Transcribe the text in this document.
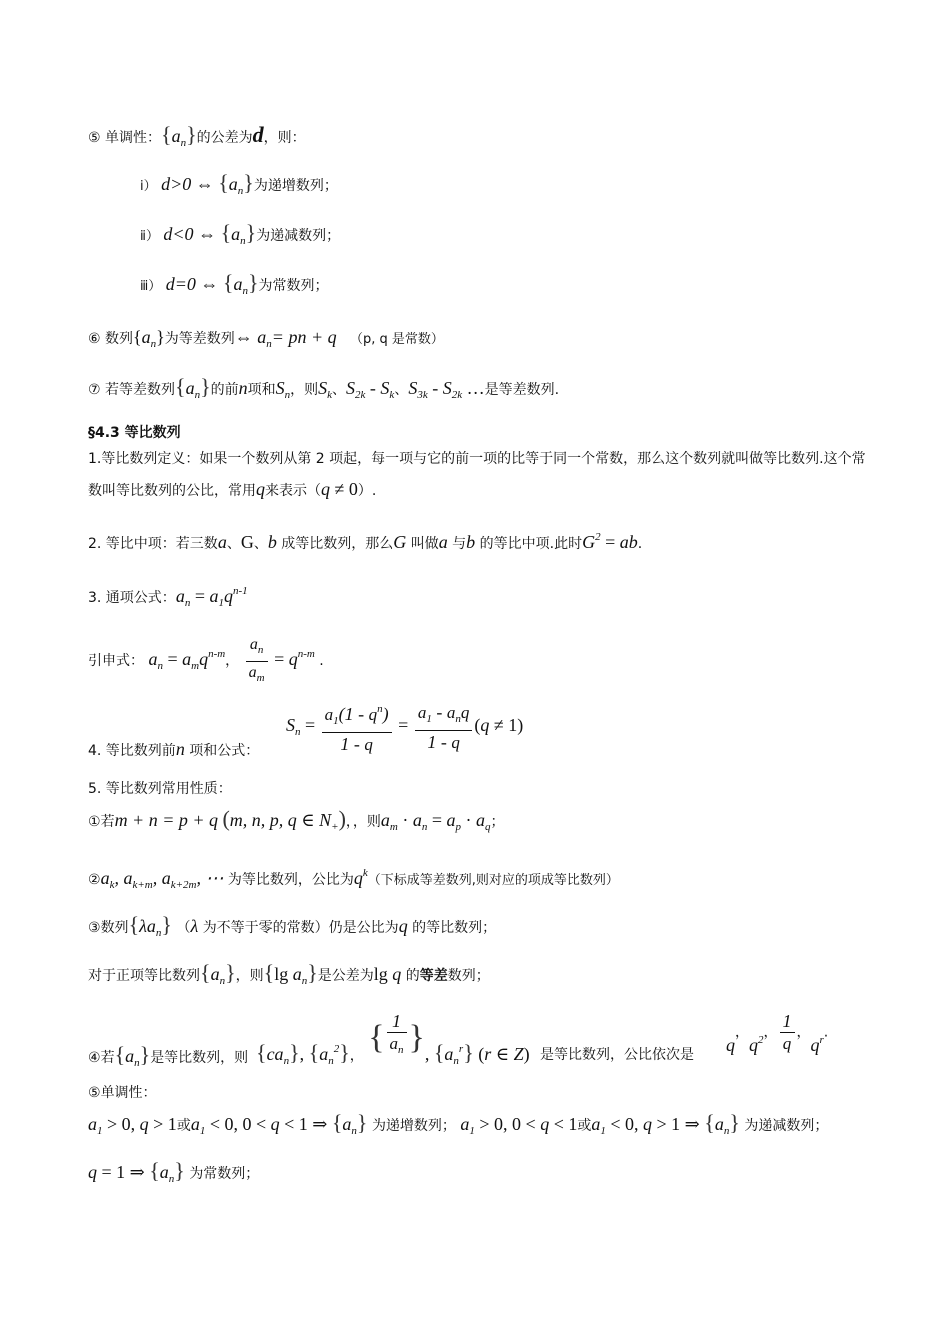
⑤ 单调性：$\{a_n\}$的公差为d，则：
ⅰ） d>0 ⇔ $\{a_n\}$为递增数列；
ⅱ） d<0 ⇔ $\{a_n\}$为递减数列；
ⅲ） d=0 ⇔ $\{a_n\}$为常数列；
⑥ 数列$\{a_n\}$为等差数列⇔ $a_n=$ pn + q （p, q 是常数）
⑦ 若等差数列$\{a_n\}$的前n项和$S_n$，则$S_k$、$S_{2k} - S_k$、$S_{3k} - S_{2k}$ …是等差数列.
§4.3 等比数列
1.等比数列定义：如果一个数列从第 2 项起，每一项与它的前一项的比等于同一个常数，那么这个数列就叫做等比数列.这个常数叫等比数列的公比，常用q来表示（q ≠ 0）.
2. 等比中项：若三数a、G、b 成等比数列，那么G 叫做a 与b 的等比中项.此时$G^2$ = ab.
3. 通项公式：$a_n = a_1q^{n-1}$
引申式： $a_n = a_mq^{n-m}$， $\frac{a_n}{a_m} = q^{n-m}$ .
4. 等比数列前n 项和公式：
$S_n = \frac{a_1(1 - q^n)}{1 - q} = \frac{a_1 - a_nq}{1 - q} (q \ne 1)$
5. 等比数列常用性质：
①若m + n = p + q (m, n, p, q ∈ $N_+$)，，则$a_m \cdot a_n = a_p \cdot a_q$；
$②a_k$, $a_{k+m}$, $a_{k+2m}$, ⋯ 为等比数列，公比为$q^k$（下标成等差数列,则对应的项成等比数列）
③数列$\{\lambda a_n\}$ （λ 为不等于零的常数）仍是公比为q 的等比数列；
对于正项等比数列$\{a_n\}$，则{lg $a_n$}是公差为lg q 的等差数列；
④若$\{a_n\}$是等比数列，则 $\{ca_n\}$, $\{a_n^2\}$， { $\frac{1}{a_n}$ }, $\{a_n^r\}$ (r ∈ Z) 是等比数列，公比依次是
q，$q^2$， $\frac{1}{q}$ ，$q^r$.
⑤单调性：
$a_1 > 0$, q > 1或$a_1 < 0$, 0 < q < 1 ⇒ $\{a_n\}$ 为递增数列； $a_1 > 0$, 0 < q < 1或$a_1 < 0$, q > 1 ⇒ $\{a_n\}$ 为递减数列；
q = 1 ⇒ $\{a_n\}$ 为常数列；
